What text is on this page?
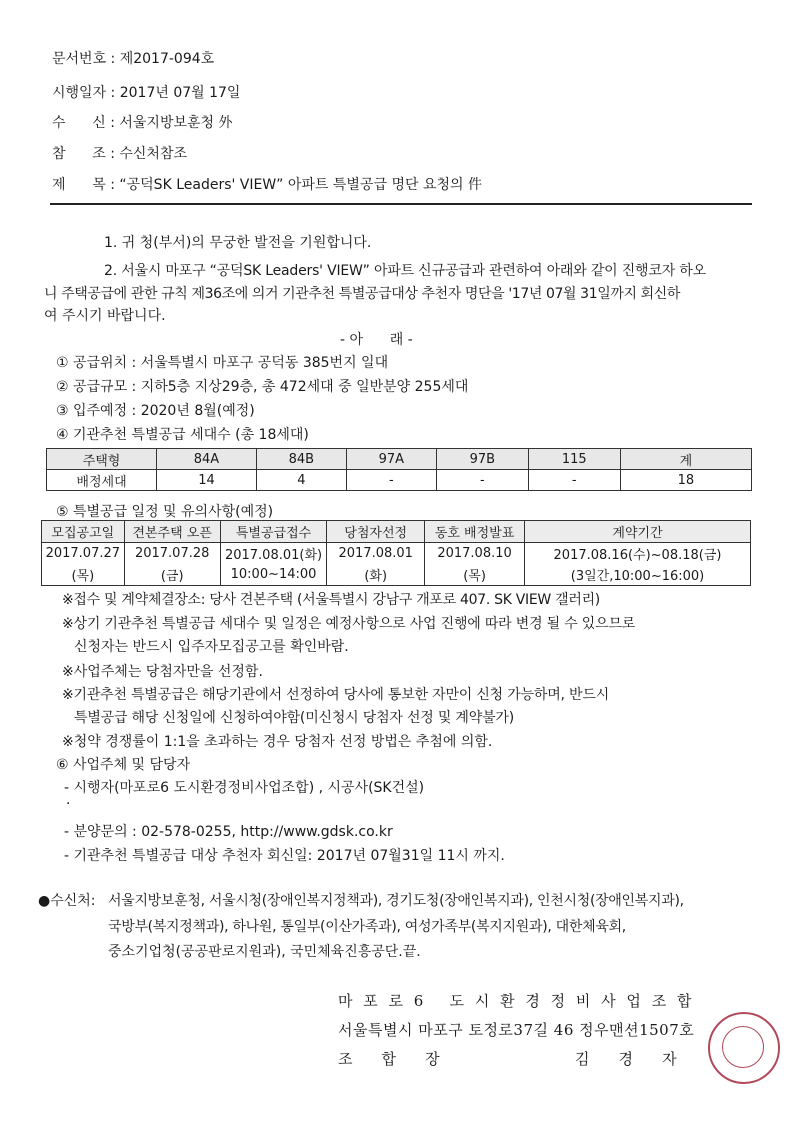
문서번호 : 제2017-094호
시행일자 : 2017년 07월 17일
수      신 : 서울지방보훈청 外
참      조 : 수신처참조
제      목 : “공덕SK Leaders' VIEW” 아파트 특별공급 명단 요청의 件
1. 귀 청(부서)의 무궁한 발전을 기원합니다.
2. 서울시 마포구 “공덕SK Leaders' VIEW” 아파트 신규공급과 관련하여 아래와 같이 진행코자 하오
니 주택공급에 관한 규칙 제36조에 의거 기관추천 특별공급대상 추천자 명단을 '17년 07월 31일까지 회신하
여 주시기 바랍니다.
- 아      래 -
① 공급위치 : 서울특별시 마포구 공덕동 385번지 일대
② 공급규모 : 지하5층 지상29층, 총 472세대 중 일반분양 255세대
③ 입주예정 : 2020년 8월(예정)
④ 기관추천 특별공급 세대수 (총 18세대)
주택형	84A	84B	97A	97B	115	계
배정세대	14	4	-	-	-	18
⑤ 특별공급 일정 및 유의사항(예정)
모집공고일	견본주택 오픈	특별공급접수	당첨자선정	동호 배정발표	계약기간
2017.07.27	2017.07.28	2017.08.01(화)	2017.08.01	2017.08.10	2017.08.16(수)~08.18(금)
(목)	(금)	10:00~14:00	(화)	(목)	(3일간,10:00~16:00)
※접수 및 계약체결장소: 당사 견본주택 (서울특별시 강남구 개포로 407. SK VIEW 갤러리)
※상기 기관추천 특별공급 세대수 및 일정은 예정사항으로 사업 진행에 따라 변경 될 수 있으므로
신청자는 반드시 입주자모집공고를 확인바람.
※사업주체는 당첨자만을 선정함.
※기관추천 특별공급은 해당기관에서 선정하여 당사에 통보한 자만이 신청 가능하며, 반드시
특별공급 해당 신청일에 신청하여야함(미신청시 당첨자 선정 및 계약불가)
※청약 경쟁률이 1:1을 초과하는 경우 당첨자 선정 방법은 추첨에 의함.
⑥ 사업주체 및 담당자
- 시행자(마포로6 도시환경정비사업조합) , 시공사(SK건설)
·
- 분양문의 : 02-578-0255, http://www.gdsk.co.kr
- 기관추천 특별공급 대상 추천자 회신일: 2017년 07월31일 11시 까지.
●수신처: 서울지방보훈청, 서울시청(장애인복지정책과), 경기도청(장애인복지과), 인천시청(장애인복지과),
국방부(복지정책과), 하나원, 통일부(이산가족과), 여성가족부(복지지원과), 대한체육회,
중소기업청(공공판로지원과), 국민체육진흥공단.끝.
마 포 로 6   도 시 환 경 정 비 사 업 조 합
서울특별시 마포구 토정로37길 46 정우맨션1507호
조    합    장	김    경    자
